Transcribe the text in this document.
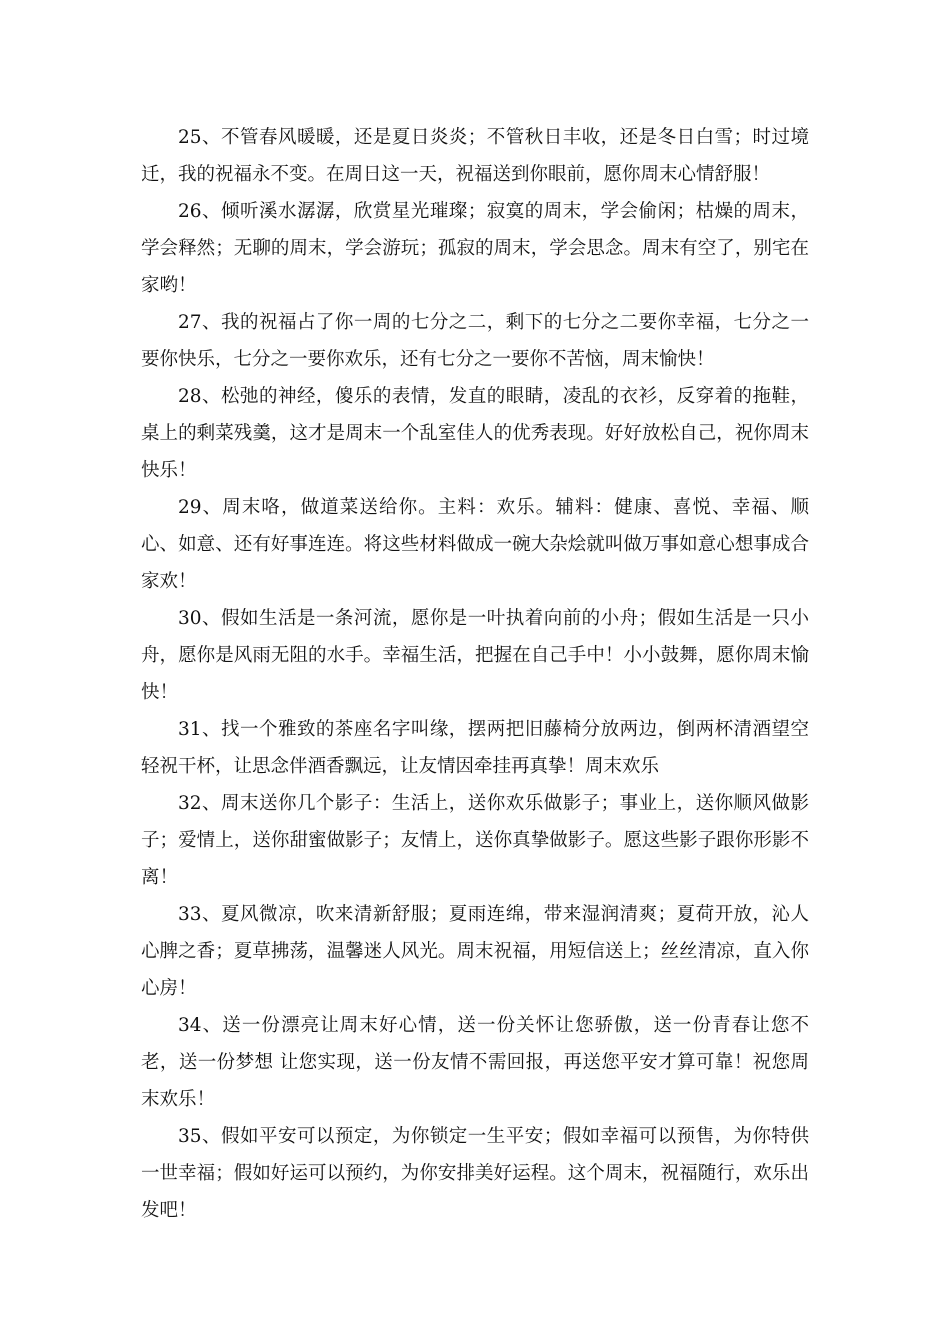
25、不管春风暖暖，还是夏日炎炎；不管秋日丰收，还是冬日白雪；时过境迁，我的祝福永不变。在周日这一天，祝福送到你眼前，愿你周末心情舒服！

26、倾听溪水潺潺，欣赏星光璀璨；寂寞的周末，学会偷闲；枯燥的周末，学会释然；无聊的周末，学会游玩；孤寂的周末，学会思念。周末有空了，别宅在家哟！

27、我的祝福占了你一周的七分之二，剩下的七分之二要你幸福，七分之一要你快乐，七分之一要你欢乐，还有七分之一要你不苦恼，周末愉快！

28、松弛的神经，傻乐的表情，发直的眼睛，凌乱的衣衫，反穿着的拖鞋，桌上的剩菜残羹，这才是周末一个乱室佳人的优秀表现。好好放松自己，祝你周末快乐！

29、周末咯，做道菜送给你。主料：欢乐。辅料：健康、喜悦、幸福、顺心、如意、还有好事连连。将这些材料做成一碗大杂烩就叫做万事如意心想事成合家欢！

30、假如生活是一条河流，愿你是一叶执着向前的小舟；假如生活是一只小舟，愿你是风雨无阻的水手。幸福生活，把握在自己手中！小小鼓舞，愿你周末愉快！

31、找一个雅致的茶座名字叫缘，摆两把旧藤椅分放两边，倒两杯清酒望空轻祝干杯，让思念伴酒香飘远，让友情因牵挂再真挚！周末欢乐

32、周末送你几个影子：生活上，送你欢乐做影子；事业上，送你顺风做影子；爱情上，送你甜蜜做影子；友情上，送你真挚做影子。愿这些影子跟你形影不离！

33、夏风微凉，吹来清新舒服；夏雨连绵，带来湿润清爽；夏荷开放，沁人心脾之香；夏草拂荡，温馨迷人风光。周末祝福，用短信送上；丝丝清凉，直入你心房！

34、送一份漂亮让周末好心情，送一份关怀让您骄傲，送一份青春让您不老，送一份梦想 让您实现，送一份友情不需回报，再送您平安才算可靠！祝您周末欢乐！

35、假如平安可以预定，为你锁定一生平安；假如幸福可以预售，为你特供一世幸福；假如好运可以预约，为你安排美好运程。这个周末，祝福随行，欢乐出发吧！
